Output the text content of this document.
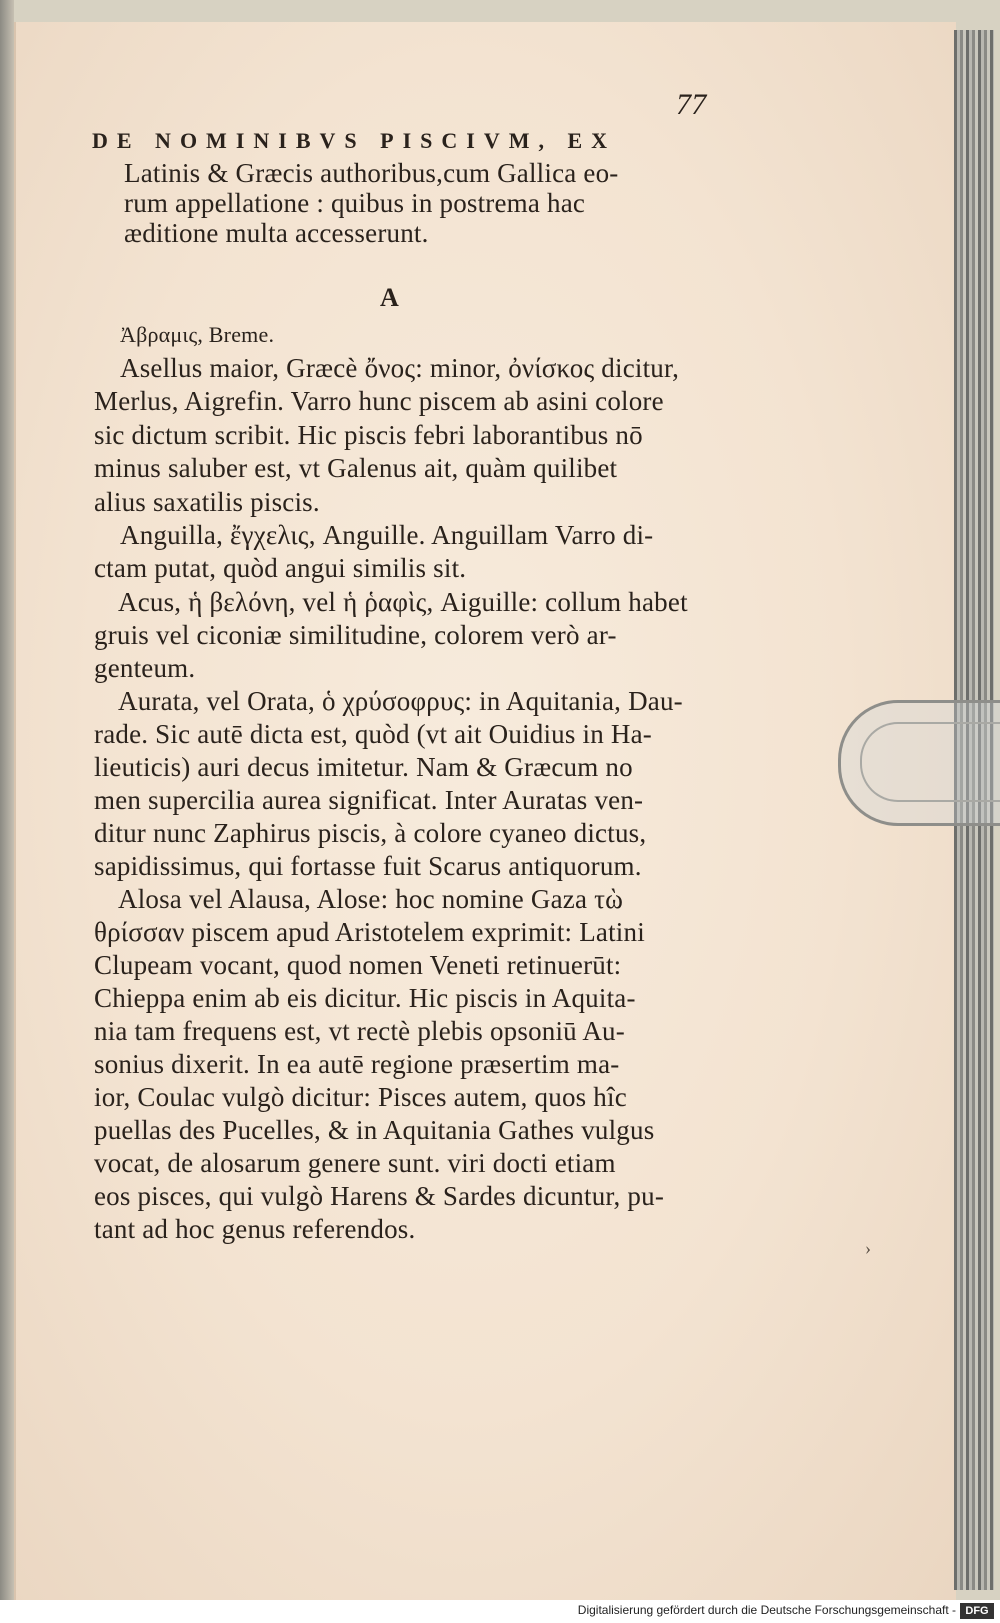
77
DE NOMINIBVS PISCIVM, EX
Latinis & Græcis authoribus,cum Gallica eo-
rum appellatione : quibus in postrema hac
æditione multa accesserunt.
A
Ἀβραμις, Breme.
Asellus maior, Græcè ὄνος: minor, ὀνίσκος dicitur,
Merlus, Aigrefin. Varro hunc piscem ab asini colore
sic dictum scribit. Hic piscis febri laborantibus nō
minus saluber est, vt Galenus ait, quàm quilibet
alius saxatilis piscis.
Anguilla, ἔγχελις, Anguille. Anguillam Varro di-
ctam putat, quòd angui similis sit.
Acus, ἡ βελόνη, vel ἡ ῥαφὶς, Aiguille: collum habet
gruis vel ciconiæ similitudine, colorem verò ar-
genteum.
Aurata, vel Orata, ὁ χρύσοφρυς: in Aquitania, Dau-
rade. Sic autē dicta est, quòd (vt ait Ouidius in Ha-
lieuticis) auri decus imitetur. Nam & Græcum no
men supercilia aurea significat. Inter Auratas ven-
ditur nunc Zaphirus piscis, à colore cyaneo dictus,
sapidissimus, qui fortasse fuit Scarus antiquorum.
Alosa vel Alausa, Alose: hoc nomine Gaza τὼ
θρίσσαν piscem apud Aristotelem exprimit: Latini
Clupeam vocant, quod nomen Veneti retinuerūt:
Chieppa enim ab eis dicitur. Hic piscis in Aquita-
nia tam frequens est, vt rectè plebis opsoniū Au-
sonius dixerit. In ea autē regione præsertim ma-
ior, Coulac vulgò dicitur: Pisces autem, quos hîc
puellas des Pucelles, & in Aquitania Gathes vulgus
vocat, de alosarum genere sunt. viri docti etiam
eos pisces, qui vulgò Harens & Sardes dicuntur, pu-
tant ad hoc genus referendos.
›
Digitalisierung gefördert durch die Deutsche Forschungsgemeinschaft - DFG
